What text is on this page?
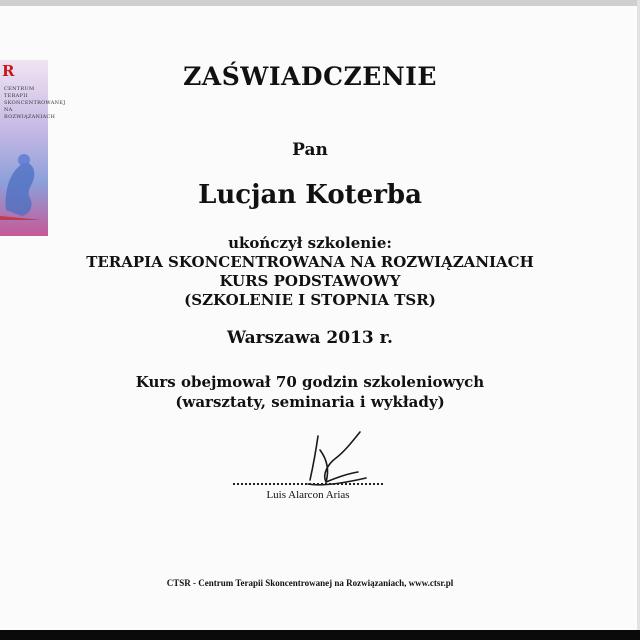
R
CENTRUM TERAPII SKONCENTROWANEJ NA ROZWIĄZANIACH
ZAŚWIADCZENIE
Pan
Lucjan Koterba
ukończył szkolenie:
TERAPIA SKONCENTROWANA NA ROZWIĄZANIACH
KURS PODSTAWOWY
(SZKOLENIE I STOPNIA TSR)
Warszawa 2013 r.
Kurs obejmował 70 godzin szkoleniowych
(warsztaty, seminaria i wykłady)
Luis Alarcon Arias
CTSR - Centrum Terapii Skoncentrowanej na Rozwiązaniach, www.ctsr.pl
